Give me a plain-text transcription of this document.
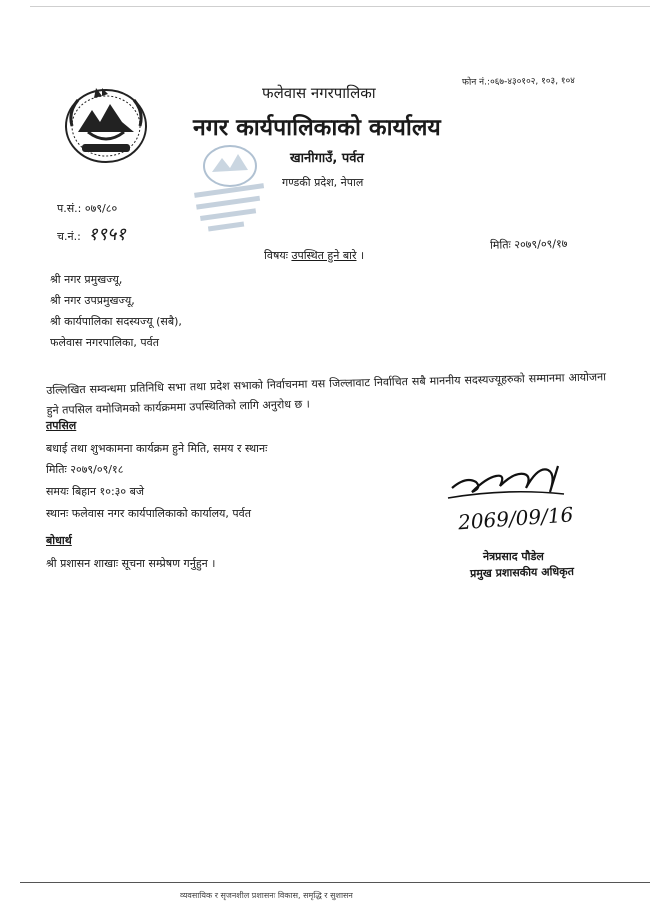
फोन नं.:०६७-४३०१०२, १०३, १०४
फलेवास नगरपालिका
नगर कार्यपालिकाको कार्यालय
खानीगाउँ, पर्वत
गण्डकी प्रदेश, नेपाल
प.सं.: ०७९/८०
च.नं.: १९५१
मितिः २०७९/०९/१७
विषयः उपस्थित हुने बारे ।
श्री नगर प्रमुखज्यू,
श्री नगर उपप्रमुखज्यू,
श्री कार्यपालिका सदस्यज्यू (सबै),
फलेवास नगरपालिका, पर्वत
उल्लिखित सम्वन्धमा प्रतिनिधि सभा तथा प्रदेश सभाको निर्वाचनमा यस जिल्लावाट निर्वाचित सबै माननीय सदस्यज्यूहरुको सम्मानमा आयोजना हुने तपसिल वमोजिमको कार्यक्रममा उपस्थितिको लागि अनुरोध छ ।
तपसिल
बधाई तथा शुभकामना कार्यक्रम हुने मिति, समय र स्थानः
मितिः २०७९/०९/१८
समयः बिहान १०:३० बजे
स्थानः फलेवास नगर कार्यपालिकाको कार्यालय, पर्वत
बोधार्थ
श्री प्रशासन शाखाः सूचना सम्प्रेषण गर्नुहुन ।
2069/09/16
नेत्रप्रसाद पौडेल
प्रमुख प्रशासकीय अधिकृत
व्यवसायिक र सृजनशील प्रशासनः विकास, समृद्धि र सुशासन
